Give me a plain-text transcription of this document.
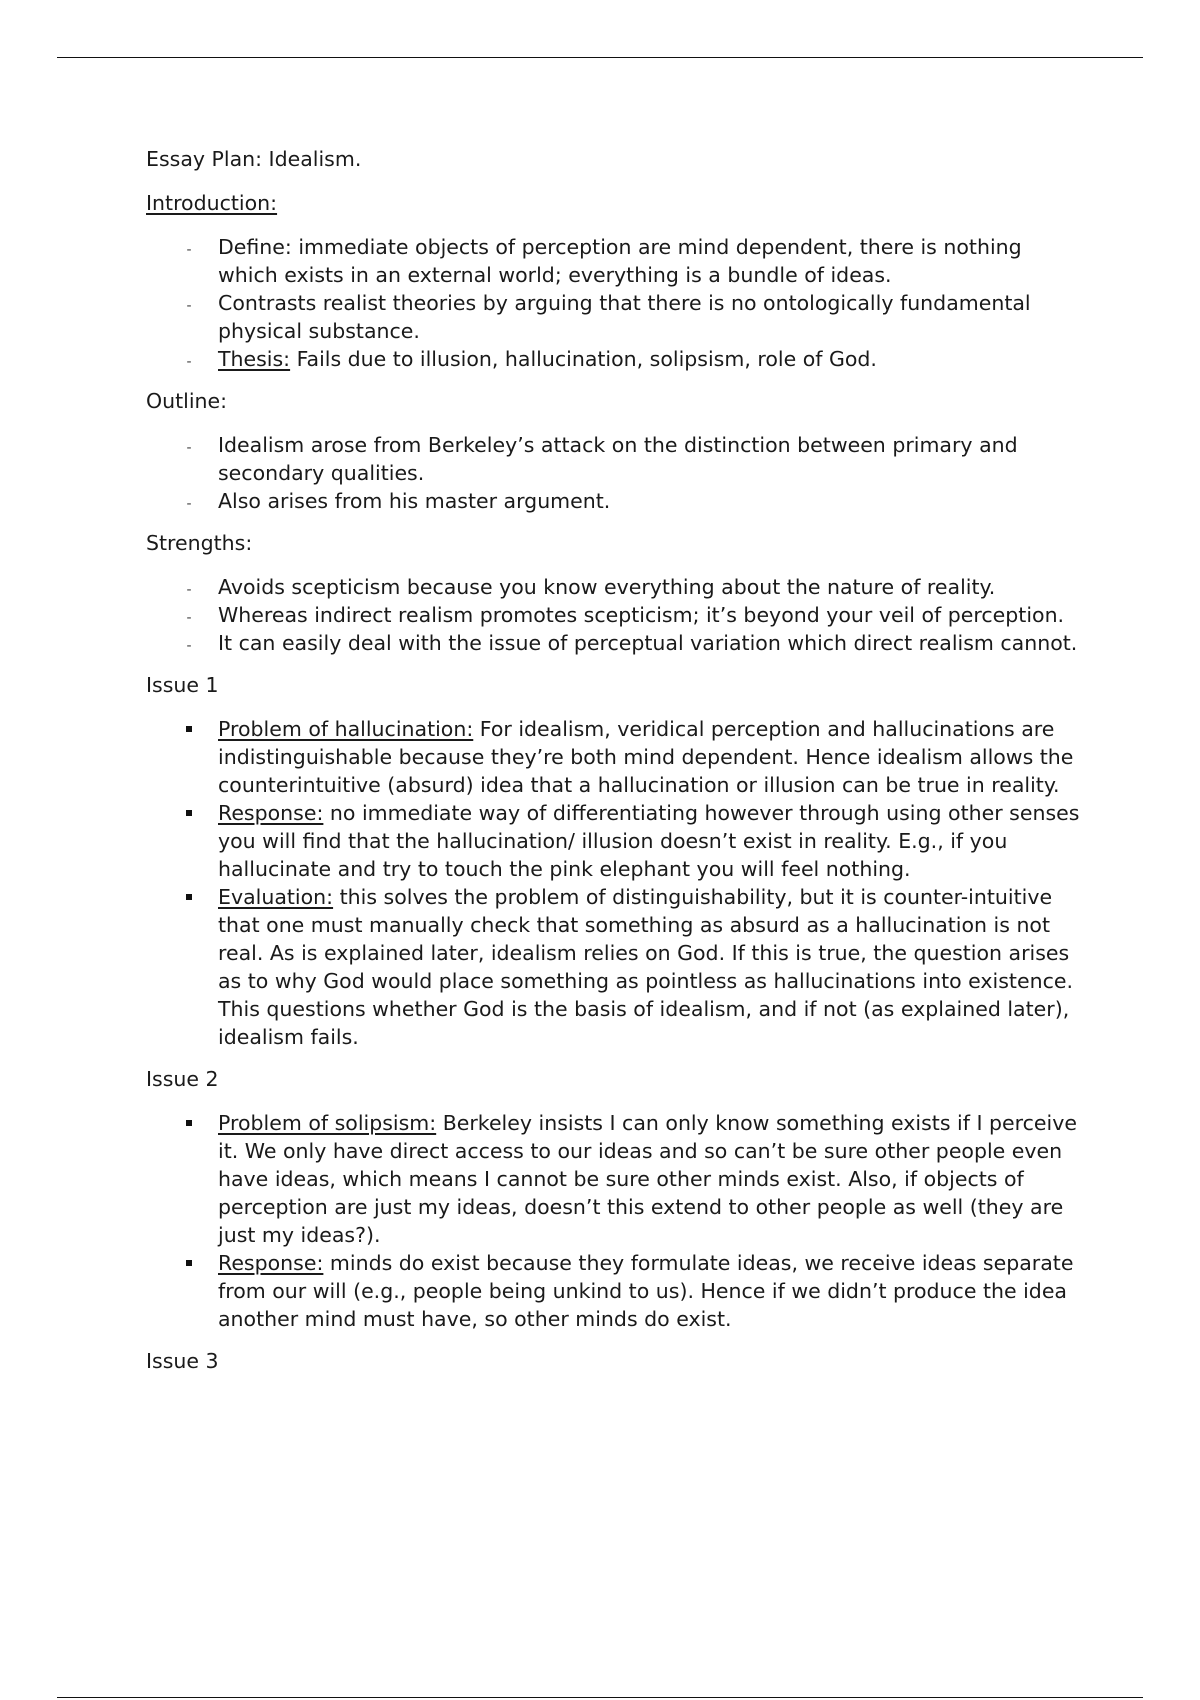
Essay Plan: Idealism.

Introduction:

-
Define: immediate objects of perception are mind dependent, there is nothing which exists in an external world; everything is a bundle of ideas.
-
Contrasts realist theories by arguing that there is no ontologically fundamental physical substance.
-
Thesis: Fails due to illusion, hallucination, solipsism, role of God.

Outline:

-
Idealism arose from Berkeley’s attack on the distinction between primary and secondary qualities.
-
Also arises from his master argument.

Strengths:

-
Avoids scepticism because you know everything about the nature of reality.
-
Whereas indirect realism promotes scepticism; it’s beyond your veil of perception.
-
It can easily deal with the issue of perceptual variation which direct realism cannot.

Issue 1

Problem of hallucination: For idealism, veridical perception and hallucinations are indistinguishable because they’re both mind dependent. Hence idealism allows the counterintuitive (absurd) idea that a hallucination or illusion can be true in reality.
Response: no immediate way of differentiating however through using other senses you will find that the hallucination/ illusion doesn’t exist in reality. E.g., if you hallucinate and try to touch the pink elephant you will feel nothing.
Evaluation: this solves the problem of distinguishability, but it is counter-intuitive that one must manually check that something as absurd as a hallucination is not real. As is explained later, idealism relies on God. If this is true, the question arises as to why God would place something as pointless as hallucinations into existence. This questions whether God is the basis of idealism, and if not (as explained later), idealism fails.

Issue 2

Problem of solipsism: Berkeley insists I can only know something exists if I perceive it. We only have direct access to our ideas and so can’t be sure other people even have ideas, which means I cannot be sure other minds exist. Also, if objects of perception are just my ideas, doesn’t this extend to other people as well (they are just my ideas?).
Response: minds do exist because they formulate ideas, we receive ideas separate from our will (e.g., people being unkind to us). Hence if we didn’t produce the idea another mind must have, so other minds do exist.

Issue 3
